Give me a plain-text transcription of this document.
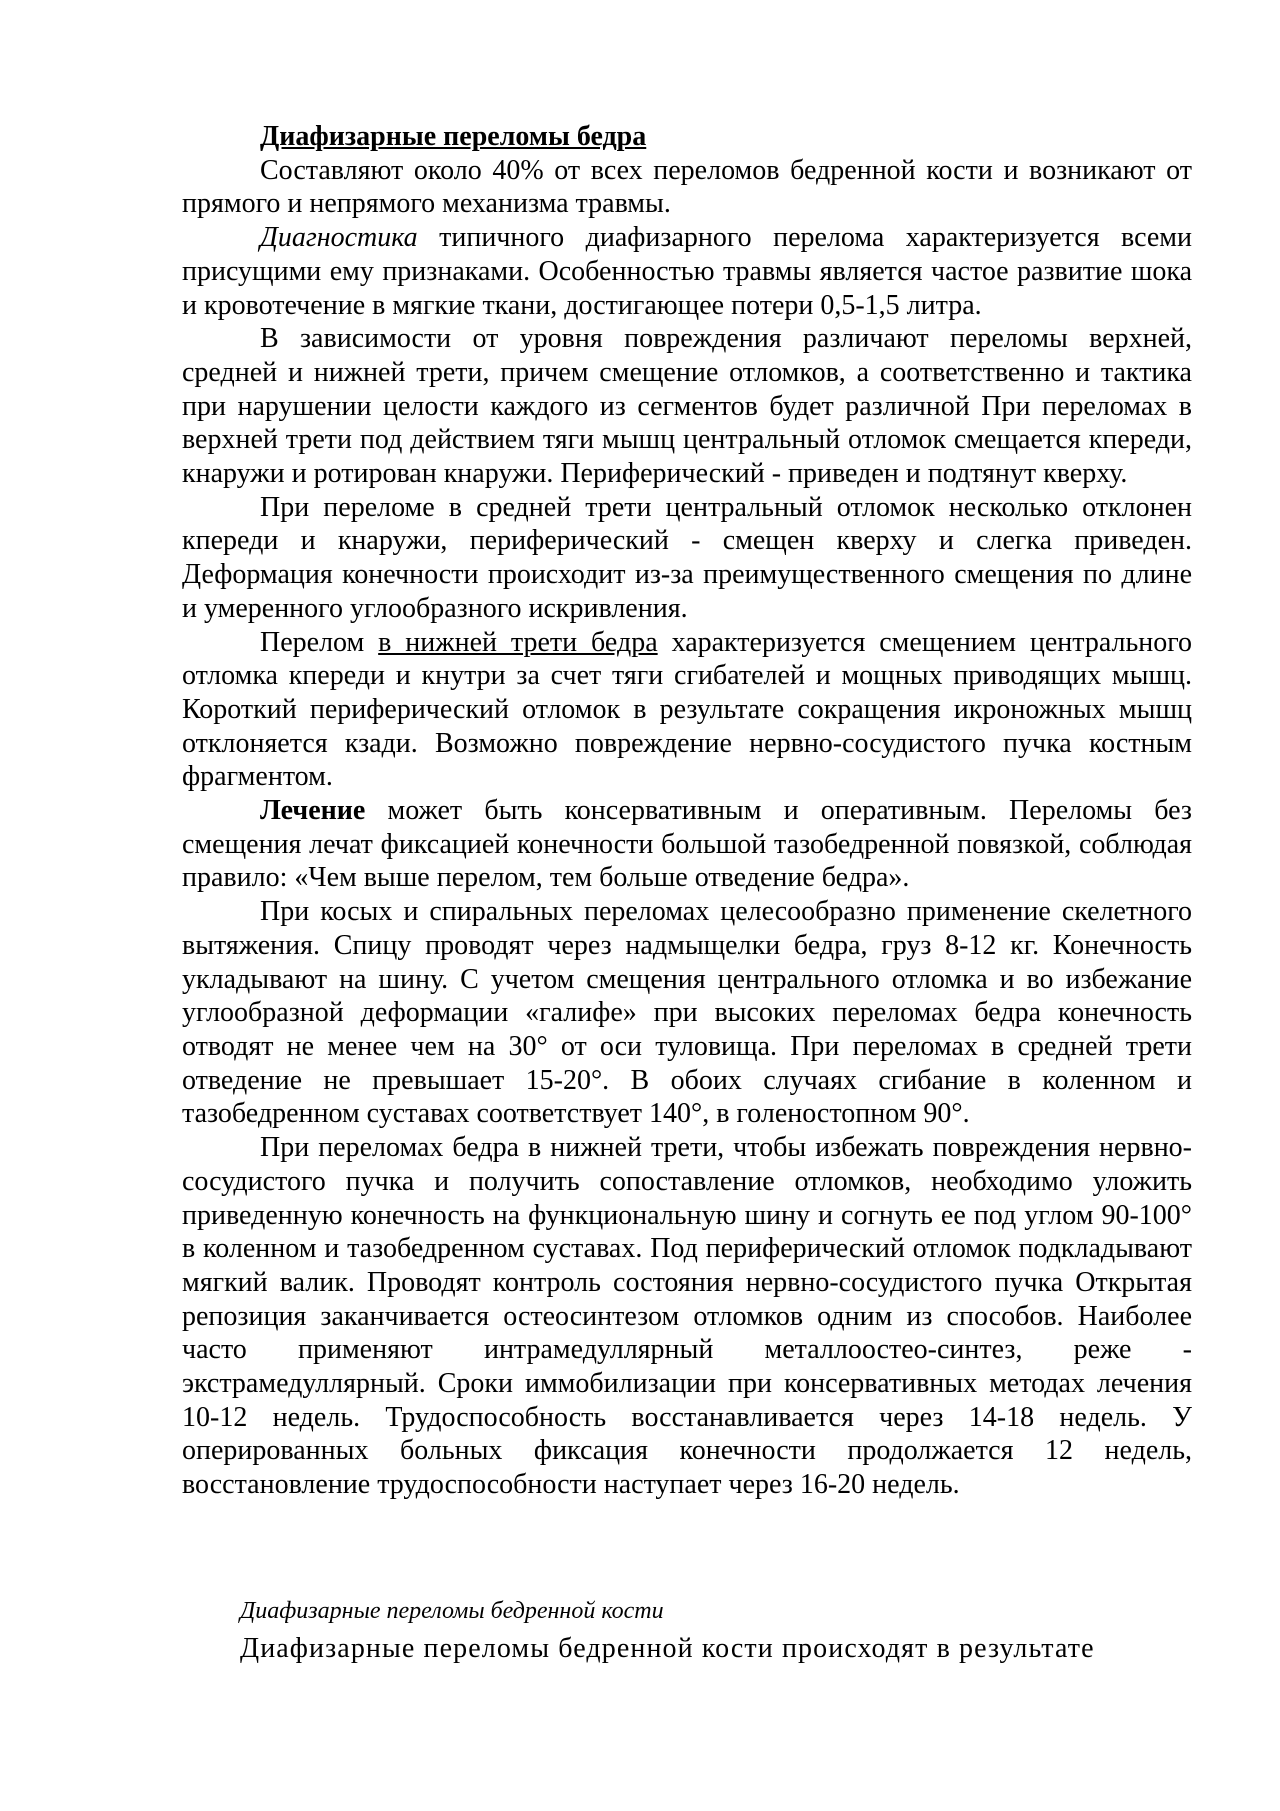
Диафизарные переломы бедра

Составляют около 40% от всех переломов бедренной кости и возникают от прямого и непрямого механизма травмы.

Диагностика типичного диафизарного перелома характеризуется всеми присущими ему признаками. Особенностью травмы является частое развитие шока и кровотечение в мягкие ткани, достигающее потери 0,5-1,5 литра.

В зависимости от уровня повреждения различают переломы верхней, средней и нижней трети, причем смещение отломков, а соответственно и тактика при нарушении целости каждого из сегментов будет различной При переломах в верхней трети под действием тяги мышц центральный отломок смещается кпереди, кнаружи и ротирован кнаружи. Периферический - приведен и подтянут кверху.

При переломе в средней трети центральный отломок несколько отклонен кпереди и кнаружи, периферический - смещен кверху и слегка приведен. Деформация конечности происходит из-за преимущественного смещения по длине и умеренного углообразного искривления.

Перелом в нижней трети бедра характеризуется смещением центрального отломка кпереди и кнутри за счет тяги сгибателей и мощных приводящих мышц. Короткий периферический отломок в результате сокращения икроножных мышц отклоняется кзади. Возможно повреждение нервно-сосудистого пучка костным фрагментом.

Лечение может быть консервативным и оперативным. Переломы без смещения лечат фиксацией конечности большой тазобедренной повязкой, соблюдая правило: «Чем выше перелом, тем больше отведение бедра».

При косых и спиральных переломах целесообразно применение скелетного вытяжения. Спицу проводят через надмыщелки бедра, груз 8-12 кг. Конечность укладывают на шину. С учетом смещения центрального отломка и во избежание углообразной деформации «галифе» при высоких переломах бедра конечность отводят не менее чем на 30° от оси туловища. При переломах в средней трети отведение не превышает 15-20°. В обоих случаях сгибание в коленном и тазобедренном суставах соответствует 140°, в голеностопном 90°.

При переломах бедра в нижней трети, чтобы избежать повреждения нервно-сосудистого пучка и получить сопоставление отломков, необходимо уложить приведенную конечность на функциональную шину и согнуть ее под углом 90-100° в коленном и тазобедренном суставах. Под периферический отломок подкладывают мягкий валик. Проводят контроль состояния нервно-сосудистого пучка Открытая репозиция заканчивается остеосинтезом отломков одним из способов. Наиболее часто применяют интрамедуллярный металлоостео-синтез, реже - экстрамедуллярный. Сроки иммобилизации при консервативных методах лечения 10-12 недель. Трудоспособность восстанавливается через 14-18 недель. У оперированных больных фиксация конечности продолжается 12 недель, восстановление трудоспособности наступает через 16-20 недель.

Диафизарные переломы бедренной кости
Диафизарные переломы бедренной кости происходят в результате
